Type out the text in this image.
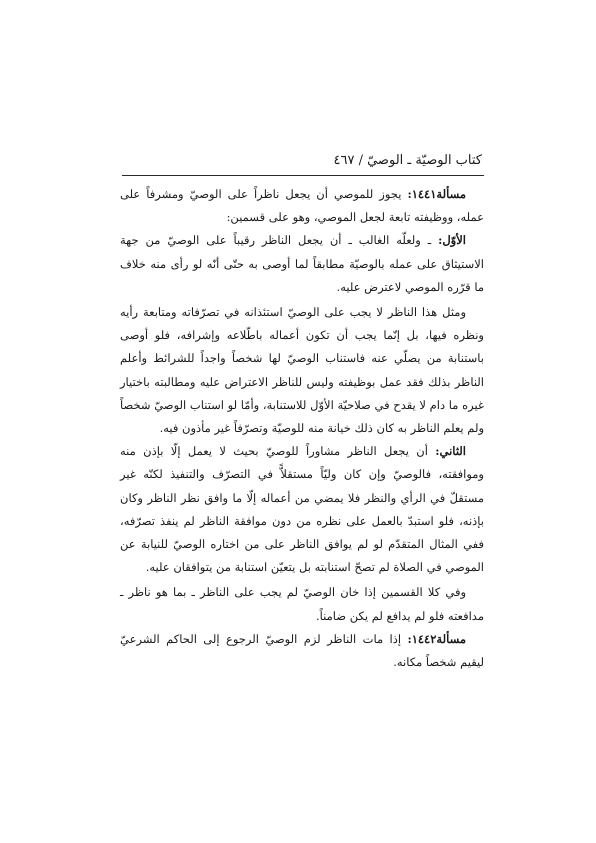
كتاب الوصيّة ـ الوصيّ / ٤٦٧

مسألة١٤٤١: يجوز للموصي أن يجعل ناظراً على الوصيّ ومشرفاً على عمله، ووظيفته تابعة لجعل الموصي، وهو على قسمين:

الأوّل: ـ ولعلّه الغالب ـ أن يجعل الناظر رقيباً على الوصيّ من جهة الاستيثاق على عمله بالوصيّة مطابقاً لما أوصى به حتّى أنّه لو رأى منه خلاف ما قرّره الموصي لاعترض عليه.

ومثل هذا الناظر لا يجب على الوصيّ استئذانه في تصرّفاته ومتابعة رأيه ونظره فيها، بل إنّما يجب أن تكون أعماله باطّلاعه وإشرافه، فلو أوصى باستنابة من يصلّي عنه فاستناب الوصيّ لها شخصاً واجداً للشرائط وأعلم الناظر بذلك فقد عمل بوظيفته وليس للناظر الاعتراض عليه ومطالبته باختيار غيره ما دام لا يقدح في صلاحيّة الأوّل للاستنابة، وأمّا لو استناب الوصيّ شخصاً ولم يعلم الناظر به كان ذلك خيانة منه للوصيّة وتصرّفاً غير مأذون فيه.

الثاني: أن يجعل الناظر مشاوراً للوصيّ بحيث لا يعمل إلّا بإذن منه وموافقته، فالوصيّ وإن كان وليّاً مستقلاًّ في التصرّف والتنفيذ لكنّه غير مستقلّ في الرأي والنظر فلا يمضي من أعماله إلّا ما وافق نظر الناظر وكان بإذنه، فلو استبدّ بالعمل على نظره من دون موافقة الناظر لم ينفذ تصرّفه، ففي المثال المتقدّم لو لم يوافق الناظر على من اختاره الوصيّ للنيابة عن الموصي في الصلاة لم تصحّ استنابته بل يتعيّن استنابة من يتوافقان عليه.

وفي كلا القسمين إذا خان الوصيّ لم يجب على الناظر ـ بما هو ناظر ـ مدافعته فلو لم يدافع لم يكن ضامناً.

مسألة١٤٤٢: إذا مات الناظر لزم الوصيّ الرجوع إلى الحاكم الشرعيّ ليقيم شخصاً مكانه.
